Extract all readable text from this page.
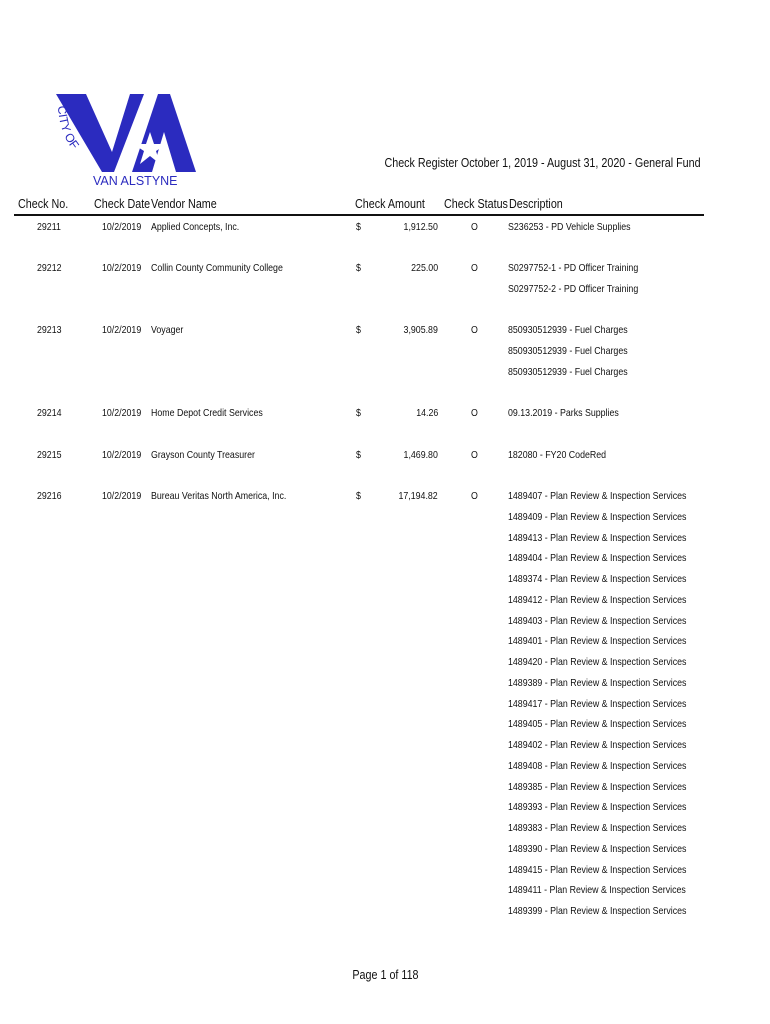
CITY OF
VAN ALSTYNE
Check Register October 1, 2019 - August 31, 2020 - General Fund
Check No. Check Date Vendor Name	Check Amount Check Status Description
29211	10/2/2019 Applied Concepts, Inc.	$	1,912.50	O	S236253 - PD Vehicle Supplies
29212	10/2/2019 Collin County Community College	$	225.00	O	S0297752-1 - PD Officer Training
S0297752-2 - PD Officer Training
29213	10/2/2019 Voyager	$	3,905.89	O	850930512939 - Fuel Charges
850930512939 - Fuel Charges
850930512939 - Fuel Charges
29214	10/2/2019 Home Depot Credit Services	$	14.26	O	09.13.2019 - Parks Supplies
29215	10/2/2019 Grayson County Treasurer	$	1,469.80	O	182080 - FY20 CodeRed
29216	10/2/2019 Bureau Veritas North America, Inc.	$	17,194.82	O	1489407 - Plan Review & Inspection Services
1489409 - Plan Review & Inspection Services
1489413 - Plan Review & Inspection Services
1489404 - Plan Review & Inspection Services
1489374 - Plan Review & Inspection Services
1489412 - Plan Review & Inspection Services
1489403 - Plan Review & Inspection Services
1489401 - Plan Review & Inspection Services
1489420 - Plan Review & Inspection Services
1489389 - Plan Review & Inspection Services
1489417 - Plan Review & Inspection Services
1489405 - Plan Review & Inspection Services
1489402 - Plan Review & Inspection Services
1489408 - Plan Review & Inspection Services
1489385 - Plan Review & Inspection Services
1489393 - Plan Review & Inspection Services
1489383 - Plan Review & Inspection Services
1489390 - Plan Review & Inspection Services
1489415 - Plan Review & Inspection Services
1489411 - Plan Review & Inspection Services
1489399 - Plan Review & Inspection Services
Page 1 of 118
